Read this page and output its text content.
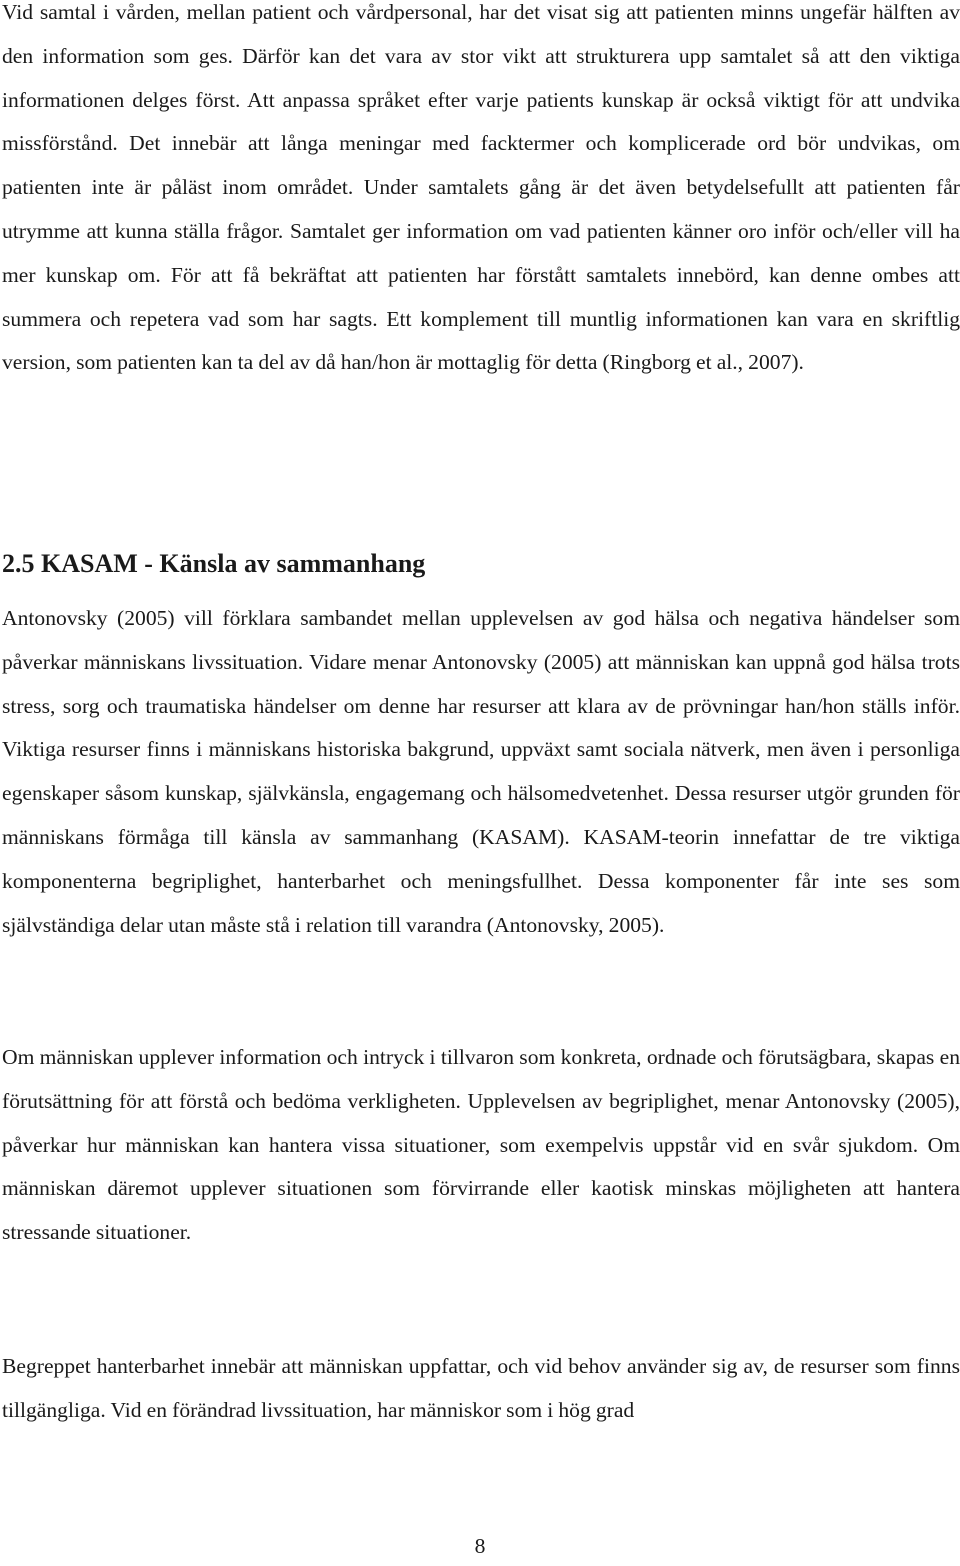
Vid samtal i vården, mellan patient och vårdpersonal, har det visat sig att patienten minns ungefär hälften av den information som ges. Därför kan det vara av stor vikt att strukturera upp samtalet så att den viktiga informationen delges först. Att anpassa språket efter varje patients kunskap är också viktigt för att undvika missförstånd. Det innebär att långa meningar med facktermer och komplicerade ord bör undvikas, om patienten inte är påläst inom området. Under samtalets gång är det även betydelsefullt att patienten får utrymme att kunna ställa frågor. Samtalet ger information om vad patienten känner oro inför och/eller vill ha mer kunskap om. För att få bekräftat att patienten har förstått samtalets innebörd, kan denne ombes att summera och repetera vad som har sagts. Ett komplement till muntlig informationen kan vara en skriftlig version, som patienten kan ta del av då han/hon är mottaglig för detta (Ringborg et al., 2007).

2.5 KASAM - Känsla av sammanhang

Antonovsky (2005) vill förklara sambandet mellan upplevelsen av god hälsa och negativa händelser som påverkar människans livssituation. Vidare menar Antonovsky (2005) att människan kan uppnå god hälsa trots stress, sorg och traumatiska händelser om denne har resurser att klara av de prövningar han/hon ställs inför. Viktiga resurser finns i människans historiska bakgrund, uppväxt samt sociala nätverk, men även i personliga egenskaper såsom kunskap, självkänsla, engagemang och hälsomedvetenhet. Dessa resurser utgör grunden för människans förmåga till känsla av sammanhang (KASAM). KASAM-teorin innefattar de tre viktiga komponenterna begriplighet, hanterbarhet och meningsfullhet. Dessa komponenter får inte ses som självständiga delar utan måste stå i relation till varandra (Antonovsky, 2005).

Om människan upplever information och intryck i tillvaron som konkreta, ordnade och förutsägbara, skapas en förutsättning för att förstå och bedöma verkligheten. Upplevelsen av begriplighet, menar Antonovsky (2005), påverkar hur människan kan hantera vissa situationer, som exempelvis uppstår vid en svår sjukdom. Om människan däremot upplever situationen som förvirrande eller kaotisk minskas möjligheten att hantera stressande situationer.

Begreppet hanterbarhet innebär att människan uppfattar, och vid behov använder sig av, de resurser som finns tillgängliga. Vid en förändrad livssituation, har människor som i hög grad

8
